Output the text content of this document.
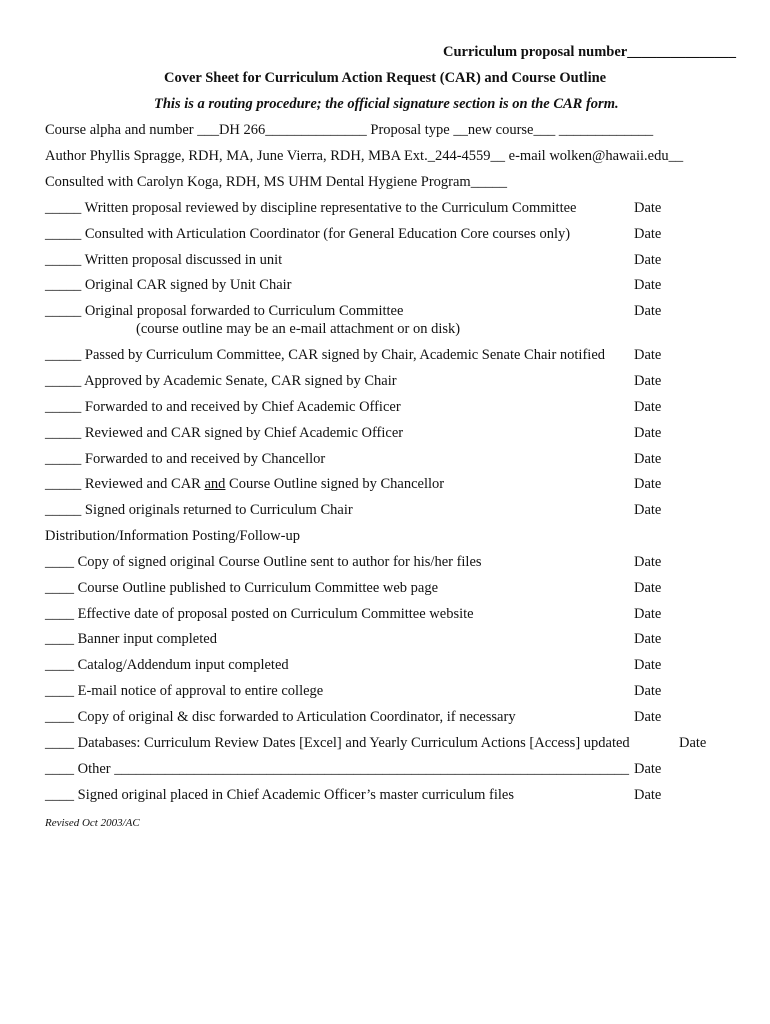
Curriculum proposal number_______________
Cover Sheet for Curriculum Action Request (CAR) and Course Outline
This is a routing procedure; the official signature section is on the CAR form.
Course alpha and number ___DH 266______________ Proposal type __new course___ _____________
Author Phyllis Spragge, RDH, MA, June Vierra, RDH, MBA Ext._244-4559__ e-mail wolken@hawaii.edu__
Consulted with Carolyn Koga, RDH, MS UHM Dental Hygiene Program_____
_____ Written proposal reviewed by discipline representative to the Curriculum Committee	Date
_____ Consulted with Articulation Coordinator (for General Education Core courses only)	Date
_____ Written proposal discussed in unit	Date
_____ Original CAR signed by Unit Chair	Date
_____ Original proposal forwarded to Curriculum Committee	Date
(course outline may be an e-mail attachment or on disk)
_____ Passed by Curriculum Committee, CAR signed by Chair, Academic Senate Chair notified Date
_____ Approved by Academic Senate, CAR signed by Chair	Date
_____ Forwarded to and received by Chief Academic Officer	Date
_____ Reviewed and CAR signed by Chief Academic Officer	Date
_____ Forwarded to and received by Chancellor	Date
_____ Reviewed and CAR and Course Outline signed by Chancellor	Date
_____ Signed originals returned to Curriculum Chair	Date
Distribution/Information Posting/Follow-up
____ Copy of signed original Course Outline sent to author for his/her files	Date
____ Course Outline published to Curriculum Committee web page	Date
____ Effective date of proposal posted on Curriculum Committee website	Date
____ Banner input completed	Date
____ Catalog/Addendum input completed	Date
____ E-mail notice of approval to entire college	Date
____ Copy of original & disc forwarded to Articulation Coordinator, if necessary	Date
____ Databases: Curriculum Review Dates [Excel] and Yearly Curriculum Actions [Access] updated	Date
____ Other _______________________________________________________________________ Date
____ Signed original placed in Chief Academic Officer’s master curriculum files	Date
Revised Oct 2003/AC
